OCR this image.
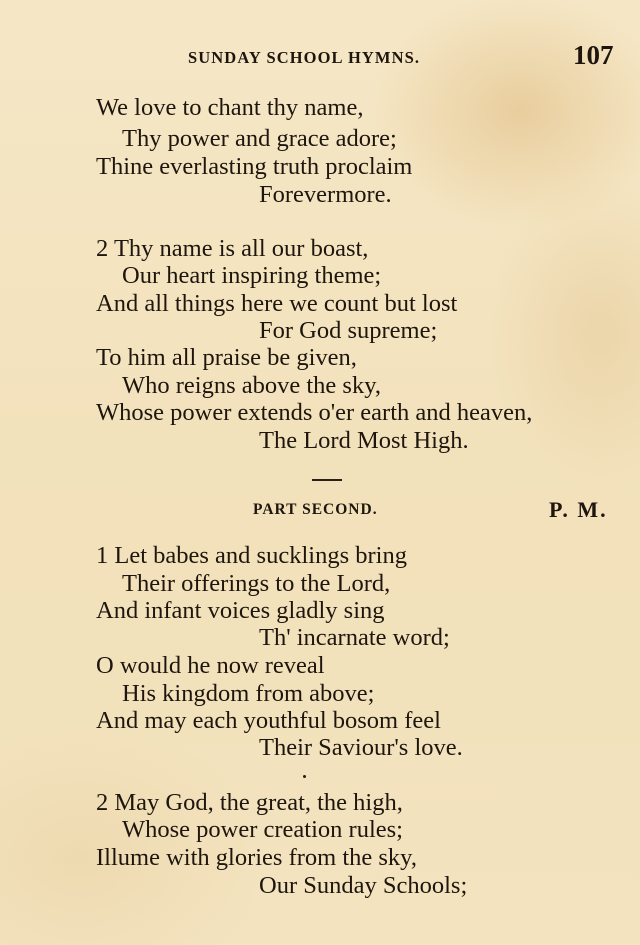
SUNDAY SCHOOL HYMNS.	107
We love to chant thy name,
Thy power and grace adore;
Thine everlasting truth proclaim
Forevermore.
2 Thy name is all our boast,
Our heart inspiring theme;
And all things here we count but lost
For God supreme;
To him all praise be given,
Who reigns above the sky,
Whose power extends o'er earth and heaven,
The Lord Most High.
PART SECOND.	P. M.
1 Let babes and sucklings bring
Their offerings to the Lord,
And infant voices gladly sing
Th' incarnate word;
O would he now reveal
His kingdom from above;
And may each youthful bosom feel
Their Saviour's love.
2 May God, the great, the high,
Whose power creation rules;
Illume with glories from the sky,
Our Sunday Schools;
